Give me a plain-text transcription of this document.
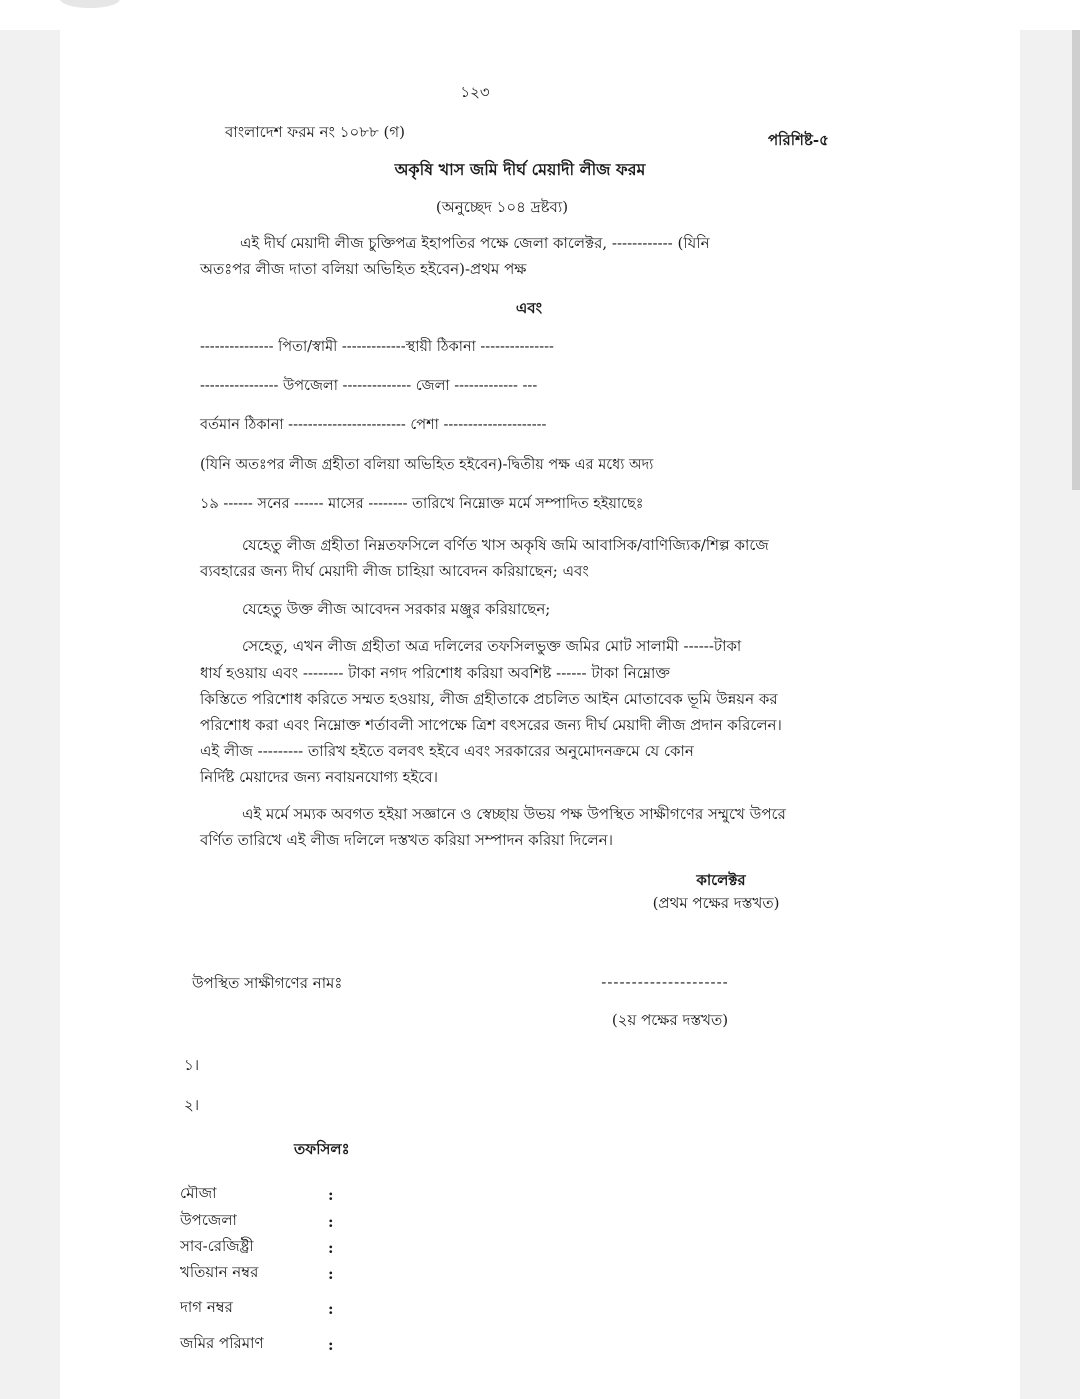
১২৩
বাংলাদেশ ফরম নং ১০৮৮ (গ)	পরিশিষ্ট-৫
অকৃষি খাস জমি দীর্ঘ মেয়াদী লীজ ফরম
(অনুচ্ছেদ ১০৪ দ্রষ্টব্য)
এই দীর্ঘ মেয়াদী লীজ চুক্তিপত্র ইহাপতির পক্ষে জেলা কালেক্টর, ------------ (যিনি
অতঃপর লীজ দাতা বলিয়া অভিহিত হইবেন)-প্রথম পক্ষ
এবং
--------------- পিতা/স্বামী -------------স্থায়ী ঠিকানা ---------------
---------------- উপজেলা -------------- জেলা ------------- ---
বর্তমান ঠিকানা ------------------------ পেশা ---------------------
(যিনি অতঃপর লীজ গ্রহীতা বলিয়া অভিহিত হইবেন)-দ্বিতীয় পক্ষ এর মধ্যে অদ্য
১৯ ------ সনের ------ মাসের -------- তারিখে নিম্নোক্ত মর্মে সম্পাদিত হইয়াছেঃ
যেহেতু লীজ গ্রহীতা নিম্নতফসিলে বর্ণিত খাস অকৃষি জমি আবাসিক/বাণিজ্যিক/শিল্প কাজে
ব্যবহারের জন্য দীর্ঘ মেয়াদী লীজ চাহিয়া আবেদন করিয়াছেন; এবং
যেহেতু উক্ত লীজ আবেদন সরকার মঞ্জুর করিয়াছেন;
সেহেতু, এখন লীজ গ্রহীতা অত্র দলিলের তফসিলভুক্ত জমির মোট সালামী ------টাকা
ধার্য হওয়ায় এবং -------- টাকা নগদ পরিশোধ করিয়া অবশিষ্ট ------ টাকা নিম্নোক্ত
কিস্তিতে পরিশোধ করিতে সম্মত হওয়ায়, লীজ গ্রহীতাকে প্রচলিত আইন মোতাবেক ভূমি উন্নয়ন কর
পরিশোধ করা এবং নিম্নোক্ত শর্তাবলী সাপেক্ষে ত্রিশ বৎসরের জন্য দীর্ঘ মেয়াদী লীজ প্রদান করিলেন।
এই লীজ --------- তারিখ হইতে বলবৎ হইবে এবং সরকারের অনুমোদনক্রমে যে কোন
নির্দিষ্ট মেয়াদের জন্য নবায়নযোগ্য হইবে।
এই মর্মে সম্যক অবগত হইয়া সজ্ঞানে ও স্বেচ্ছায় উভয় পক্ষ উপস্থিত সাক্ষীগণের সম্মুখে উপরে
বর্ণিত তারিখে এই লীজ দলিলে দস্তখত করিয়া সম্পাদন করিয়া দিলেন।
কালেক্টর
(প্রথম পক্ষের দস্তখত)
উপস্থিত সাক্ষীগণের নামঃ	---------------------
(২য় পক্ষের দস্তখত)
১।
২।
তফসিলঃ
মৌজা	:
উপজেলা	:
সাব-রেজিষ্ট্রী	:
খতিয়ান নম্বর	:
দাগ নম্বর	:
জমির পরিমাণ	:
